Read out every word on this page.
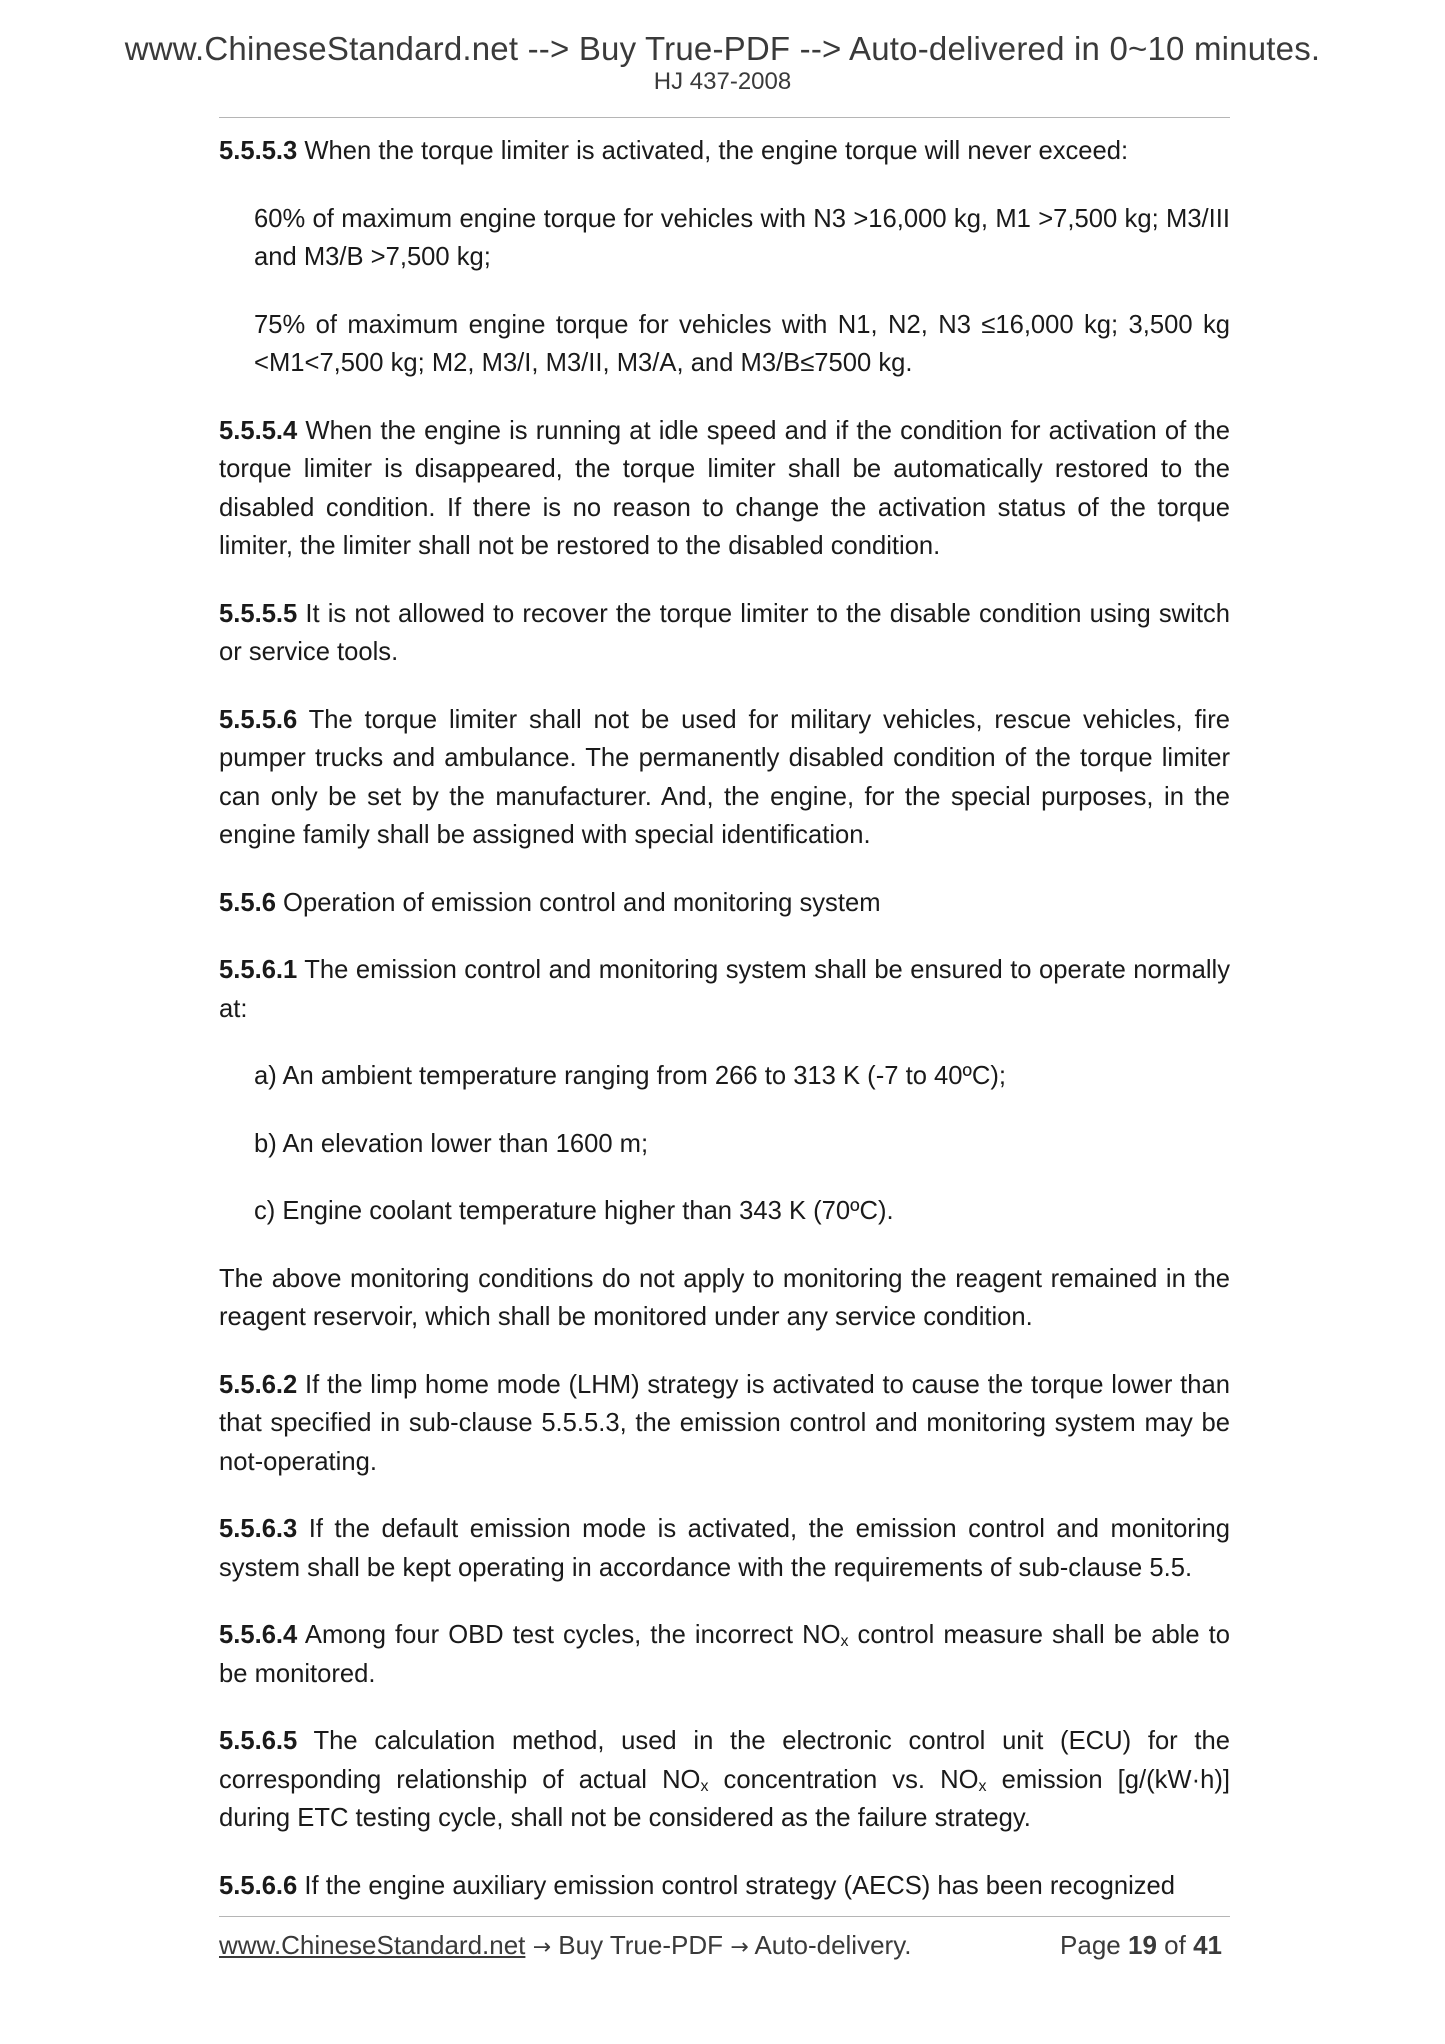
www.ChineseStandard.net --> Buy True-PDF --> Auto-delivered in 0~10 minutes.
HJ 437-2008

5.5.5.3 When the torque limiter is activated, the engine torque will never exceed:

60% of maximum engine torque for vehicles with N3 >16,000 kg, M1 >7,500 kg; M3/III and M3/B >7,500 kg;

75% of maximum engine torque for vehicles with N1, N2, N3 ≤16,000 kg; 3,500 kg <M1<7,500 kg; M2, M3/I, M3/II, M3/A, and M3/B≤7500 kg.

5.5.5.4 When the engine is running at idle speed and if the condition for activation of the torque limiter is disappeared, the torque limiter shall be automatically restored to the disabled condition. If there is no reason to change the activation status of the torque limiter, the limiter shall not be restored to the disabled condition.

5.5.5.5 It is not allowed to recover the torque limiter to the disable condition using switch or service tools.

5.5.5.6 The torque limiter shall not be used for military vehicles, rescue vehicles, fire pumper trucks and ambulance. The permanently disabled condition of the torque limiter can only be set by the manufacturer. And, the engine, for the special purposes, in the engine family shall be assigned with special identification.

5.5.6 Operation of emission control and monitoring system

5.5.6.1 The emission control and monitoring system shall be ensured to operate normally at:

a) An ambient temperature ranging from 266 to 313 K (-7 to 40ºC);

b) An elevation lower than 1600 m;

c) Engine coolant temperature higher than 343 K (70ºC).

The above monitoring conditions do not apply to monitoring the reagent remained in the reagent reservoir, which shall be monitored under any service condition.

5.5.6.2 If the limp home mode (LHM) strategy is activated to cause the torque lower than that specified in sub-clause 5.5.5.3, the emission control and monitoring system may be not-operating.

5.5.6.3 If the default emission mode is activated, the emission control and monitoring system shall be kept operating in accordance with the requirements of sub-clause 5.5.

5.5.6.4 Among four OBD test cycles, the incorrect $NO_x$ control measure shall be able to be monitored.

5.5.6.5 The calculation method, used in the electronic control unit (ECU) for the corresponding relationship of actual $NO_x$ concentration vs. $NO_x$ emission [g/(kW·h)] during ETC testing cycle, shall not be considered as the failure strategy.

5.5.6.6 If the engine auxiliary emission control strategy (AECS) has been recognized

www.ChineseStandard.net → Buy True-PDF → Auto-delivery.	Page 19 of 41
